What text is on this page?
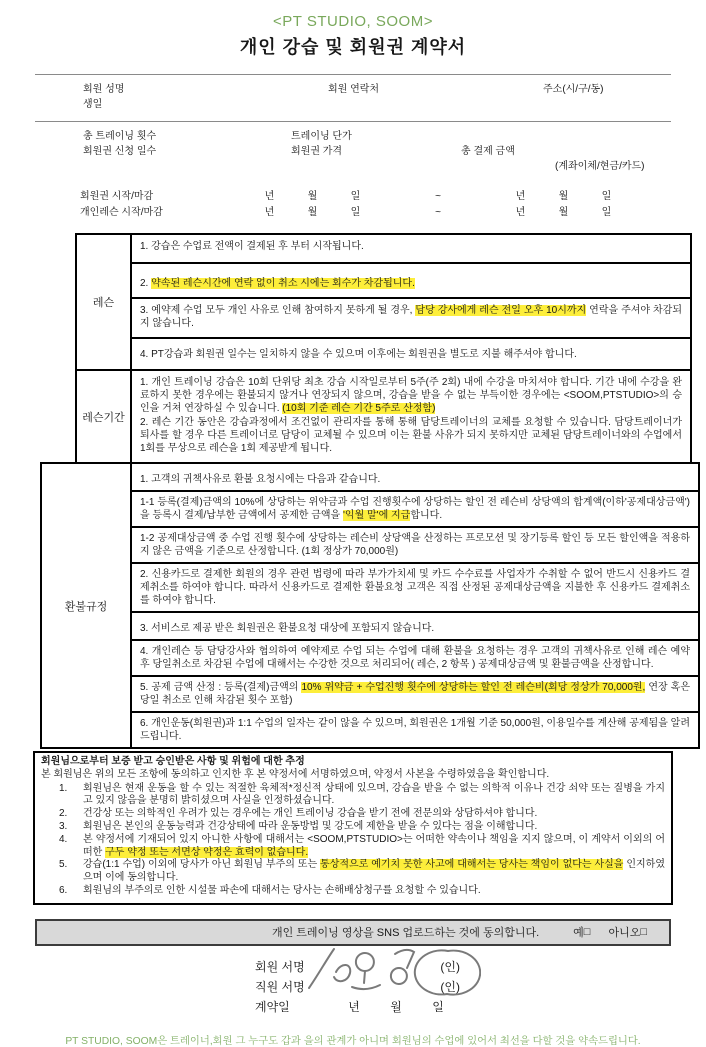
<PT STUDIO, SOOM>
개인 강습 및 회원권 계약서
회원 성명	회원 연락처	주소(시/구/동)
생일
총 트레이닝 횟수	트레이닝 단가
회원권 신청 일수	회원권 가격	총 결제 금액
(계좌이체/현금/카드)
회원권 시작/마감	년	월	일	~	년	월	일
개인레슨 시작/마감	년	월	일	~	년	월	일
레슨
1. 강습은 수업료 전액이 결제된 후 부터 시작됩니다.
2. 약속된 레슨시간에 연락 없이 취소 시에는 회수가 차감됩니다.
3. 예약제 수업 모두 개인 사유로 인해 참여하지 못하게 될 경우, 담당 강사에게 레슨 전일 오후 10시까지 연락을 주셔야 차감되지 않습니다.
4. PT강습과 회원권 일수는 일치하지 않을 수 있으며 이후에는 회원권을 별도로 지불 해주셔야 합니다.
레슨기간
1. 개인 트레이닝 강습은 10회 단위당 최초 강습 시작일로부터 5주(주 2회) 내에 수강을 마치셔야 합니다. 기간 내에 수강을 완료하지 못한 경우에는 환불되지 않거나 연장되지 않으며, 강습을 받을 수 없는 부득이한 경우에는 <SOOM,PTSTUDIO>의 승인을 거쳐 연장하실 수 있습니다. (10회 기준 레슨 기간 5주로 산정함)
2. 레슨 기간 동안은 강습과정에서 조건없이 관리자를 통해 통해 담당트레이너의 교체를 요청할 수 있습니다. 담당트레이너가 퇴사를 할 경우 다른 트레이너로 담당이 교체될 수 있으며 이는 환불 사유가 되지 못하지만 교체된 담당트레이너와의 수업에서 1회를 무상으로 레슨을 1회 제공받게 됩니다.
환불규정
1. 고객의 귀책사유로 환불 요청시에는 다음과 같습니다.
1-1 등록(결제)금액의 10%에 상당하는 위약금과 수업 진행횟수에 상당하는 할인 전 레슨비 상당액의 합계액(이하'공제대상금액')을 등록시 결제/납부한 금액에서 공제한 금액을 '익월 말'에 지급합니다.
1-2 공제대상금액 중 수업 진행 횟수에 상당하는 레슨비 상당액을 산정하는 프로모션 및 장기등록 할인 등 모든 할인액을 적용하지 않은 금액을 기준으로 산정합니다. (1회 정상가 70,000원)
2. 신용카드로 결제한 회원의 경우 관련 법령에 따라 부가가치세 및 카드 수수료를 사업자가 수취할 수 없어 반드시 신용카드 결제취소를 하여야 합니다. 따라서 신용카드로 결제한 환불요청 고객은 직접 산정된 공제대상금액을 지불한 후 신용카드 결제취소를 하여야 합니다.
3. 서비스로 제공 받은 회원권은 환불요청 대상에 포함되지 않습니다.
4. 개인레슨 등 담당강사와 협의하여 예약제로 수업 되는 수업에 대해 환불을 요청하는 경우 고객의 귀책사유로 인해 레슨 예약 후 당일취소로 차감된 수업에 대해서는 수강한 것으로 처리되어( 레슨, 2 항목 ) 공제대상금액 및 환불금액을 산정합니다.
5. 공제 금액 산정 : 등록(결제)금액의 10% 위약금 + 수업진행 횟수에 상당하는 할인 전 레슨비(회당 정상가 70,000원, 연장 혹은 당일 취소로 인해 차감된 횟수 포함)
6. 개인운동(회원권)과 1:1 수업의 일자는 같이 않을 수 있으며, 회원권은 1개월 기준 50,000원, 이용일수를 계산해 공제됨을 알려드립니다.
회원님으로부터 보증 받고 승인받은 사항 및 위험에 대한 추정
본 회원님은 위의 모든 조항에 동의하고 인지한 후 본 약정서에 서명하였으며, 약정서 사본을 수령하였음을 확인합니다.
1.	회원님은 현재 운동을 할 수 있는 적절한 육체적*정신적 상태에 있으며, 강습을 받을 수 없는 의학적 이유나 건강 쇠약 또는 질병을 가지고 있지 않음을 분명히 밝히셨으며 사실을 인정하셨습니다.
2.	건강상 또는 의학적인 우려가 있는 경우에는 개인 트레이닝 강습을 받기 전에 전문의와 상담하셔야 합니다.
3.	회원님은 본인의 운동능력과 건강상태에 따라 운동방법 및 강도에 제한을 받을 수 있다는 점을 이해합니다.
4.	본 약정서에 기재되어 있지 아니한 사항에 대해서는 <SOOM,PTSTUDIO>는 어떠한 약속이나 책임을 지지 않으며, 이 계약서 이외의 어떠한 구두 약정 또는 서면상 약정은 효력이 없습니다.
5.	강습(1:1 수업) 이외에 당사가 아닌 회원님 부주의 또는 통상적으로 예기치 못한 사고에 대해서는 당사는 책임이 없다는 사실을 인지하였으며 이에 동의합니다.
6.	회원님의 부주의로 인한 시설물 파손에 대해서는 당사는 손해배상청구를 요청할 수 있습니다.
개인 트레이닝 영상을 SNS 업로드하는 것에 동의합니다.	예 □ 아니오 □
회원 서명	(인)
직원 서명	(인)
계약일	년	월	일
PT STUDIO, SOOM은 트레이너,회원 그 누구도 갑과 을의 관계가 아니며 회원님의 수업에 있어서 최선을 다할 것을 약속드립니다.
